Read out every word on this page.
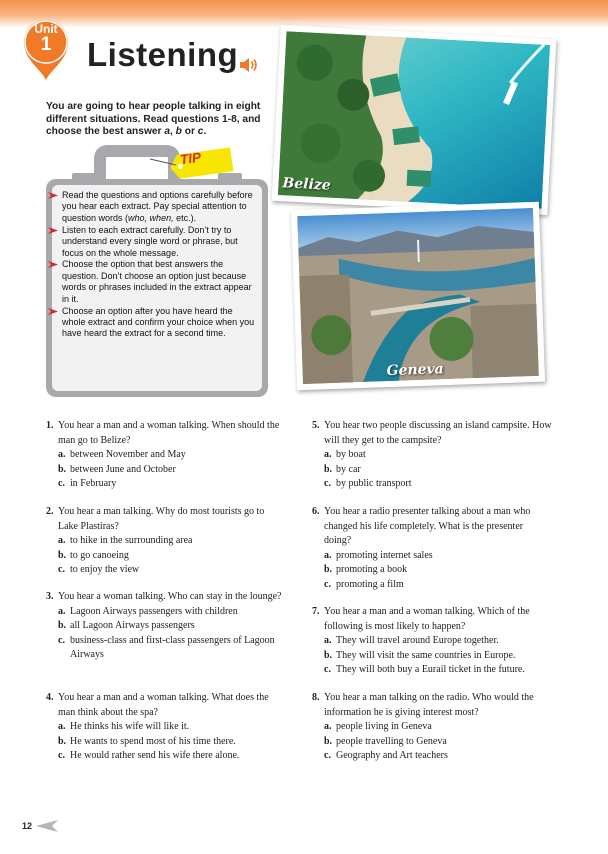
Unit
1	Listening
You are going to hear people talking in eight different situations. Read questions 1-8, and choose the best answer a, b or c.
TIP
Read the questions and options carefully before you hear each extract. Pay special attention to question words (who, when, etc.).
Listen to each extract carefully. Don’t try to understand every single word or phrase, but focus on the whole message.
Choose the option that best answers the question. Don’t choose an option just because words or phrases included in the extract appear in it.
Choose an option after you have heard the whole extract and confirm your choice when you have heard the extract for a second time.
Belize
Geneva
1. You hear a man and a woman talking. When should the man go to Belize?
a. between November and May
b. between June and October
c. in February
2. You hear a man talking. Why do most tourists go to Lake Plastiras?
a. to hike in the surrounding area
b. to go canoeing
c. to enjoy the view
3. You hear a woman talking. Who can stay in the lounge?
a. Lagoon Airways passengers with children
b. all Lagoon Airways passengers
c. business-class and first-class passengers of Lagoon Airways
4. You hear a man and a woman talking. What does the man think about the spa?
a. He thinks his wife will like it.
b. He wants to spend most of his time there.
c. He would rather send his wife there alone.
5. You hear two people discussing an island campsite. How will they get to the campsite?
a. by boat
b. by car
c. by public transport
6. You hear a radio presenter talking about a man who changed his life completely. What is the presenter doing?
a. promoting internet sales
b. promoting a book
c. promoting a film
7. You hear a man and a woman talking. Which of the following is most likely to happen?
a. They will travel around Europe together.
b. They will visit the same countries in Europe.
c. They will both buy a Eurail ticket in the future.
8. You hear a man talking on the radio. Who would the information he is giving interest most?
a. people living in Geneva
b. people travelling to Geneva
c. Geography and Art teachers
12
